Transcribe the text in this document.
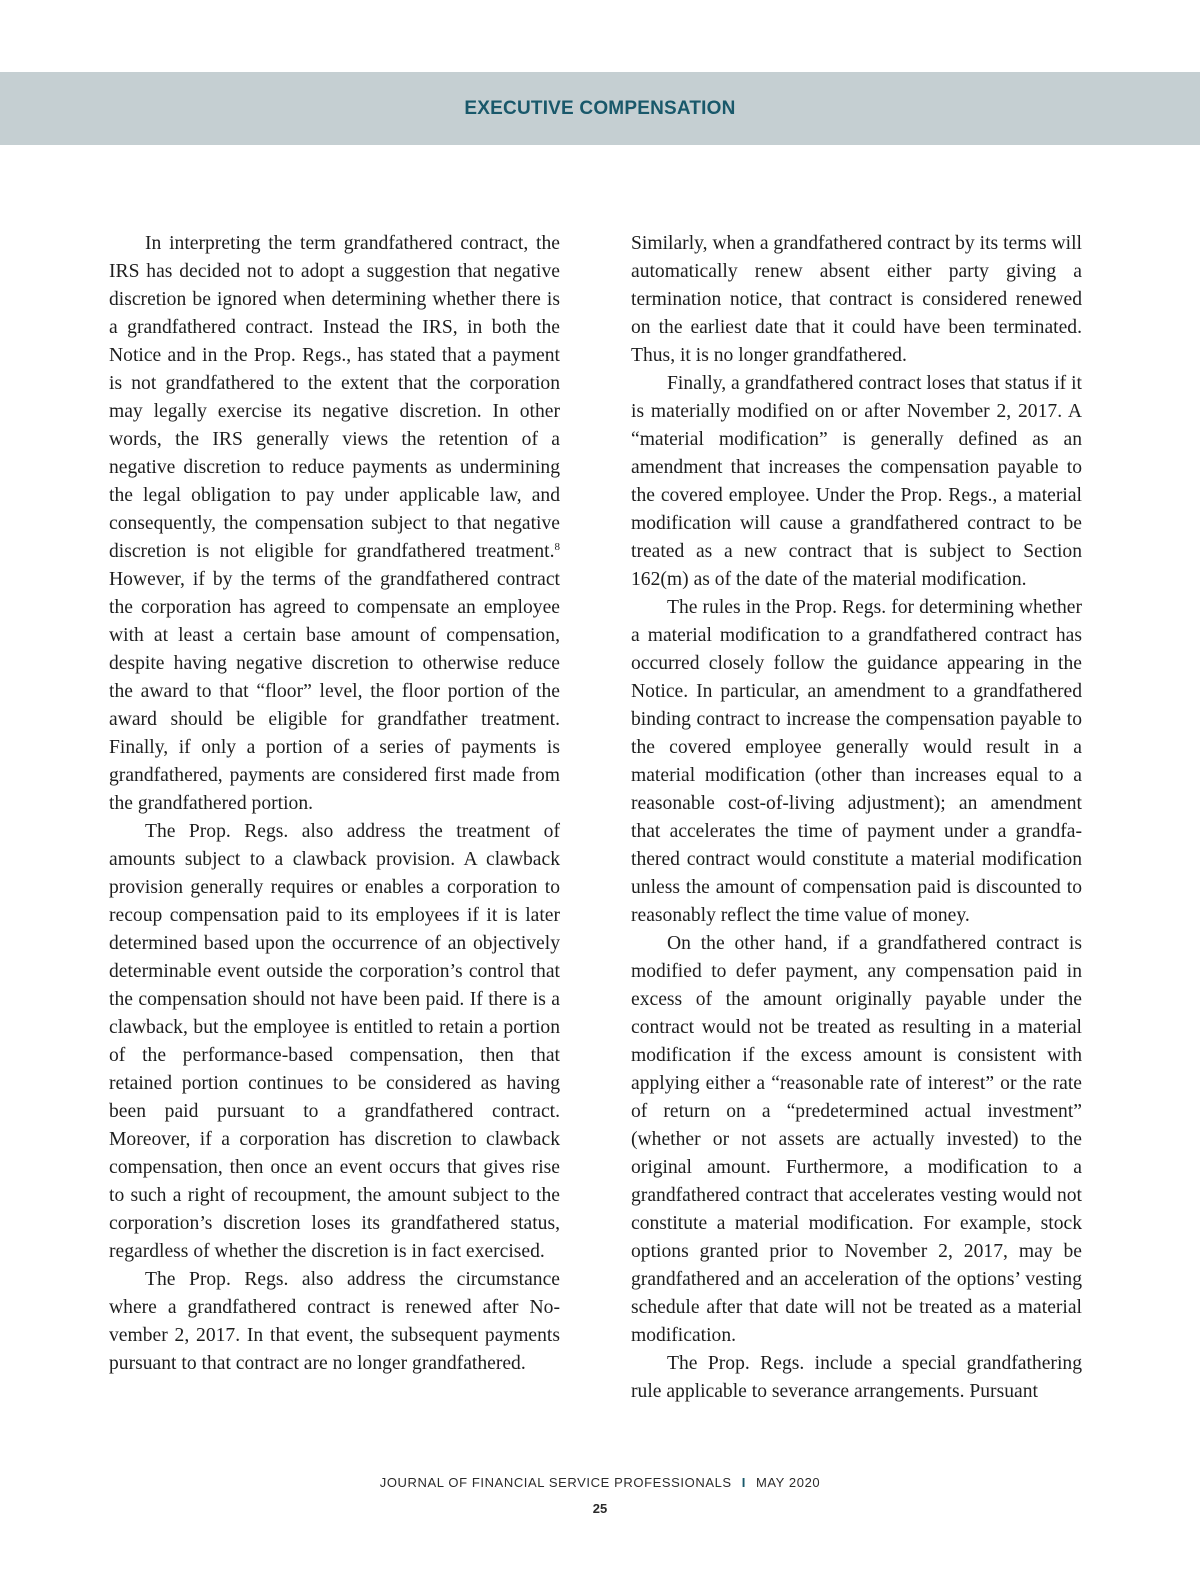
EXECUTIVE COMPENSATION

In interpreting the term grandfathered contract, the IRS has decided not to adopt a suggestion that negative discretion be ignored when determining whether there is a grandfathered contract. Instead the IRS, in both the Notice and in the Prop. Regs., has stated that a payment is not grandfathered to the extent that the corporation may legally exercise its negative discretion. In other words, the IRS generally views the retention of a negative discretion to reduce payments as undermining the legal obligation to pay under applicable law, and consequently, the compensation subject to that negative discretion is not eligible for grandfathered treatment.$^8$ However, if by the terms of the grandfathered contract the corporation has agreed to compensate an employee with at least a certain base amount of compensation, despite having negative discretion to otherwise reduce the award to that “floor” level, the floor portion of the award should be eligible for grandfather treatment. Finally, if only a portion of a series of payments is grandfathered, payments are considered first made from the grandfathered portion.

The Prop. Regs. also address the treatment of amounts subject to a clawback provision. A clawback provision generally requires or enables a corporation to recoup compensation paid to its employees if it is later determined based upon the occurrence of an objectively determinable event outside the corporation’s control that the compensation should not have been paid. If there is a clawback, but the employee is entitled to retain a portion of the performance-based compensation, then that retained portion continues to be considered as having been paid pursuant to a grandfathered contract. Moreover, if a corporation has discretion to clawback compensation, then once an event occurs that gives rise to such a right of recoupment, the amount subject to the corporation’s discretion loses its grandfathered status, regardless of whether the discretion is in fact exercised.

The Prop. Regs. also address the circumstance where a grandfathered contract is renewed after November 2, 2017. In that event, the subsequent payments pursuant to that contract are no longer grandfathered.

Similarly, when a grandfathered contract by its terms will automatically renew absent either party giving a termination notice, that contract is considered renewed on the earliest date that it could have been terminated. Thus, it is no longer grandfathered.

Finally, a grandfathered contract loses that status if it is materially modified on or after November 2, 2017. A “material modification” is generally defined as an amendment that increases the compensation payable to the covered employee. Under the Prop. Regs., a material modification will cause a grandfathered contract to be treated as a new contract that is subject to Section 162(m) as of the date of the material modification.

The rules in the Prop. Regs. for determining whether a material modification to a grandfathered contract has occurred closely follow the guidance appearing in the Notice. In particular, an amendment to a grandfathered binding contract to increase the compensation payable to the covered employee generally would result in a material modification (other than increases equal to a reasonable cost-of-living adjustment); an amendment that accelerates the time of payment under a grandfathered contract would constitute a material modification unless the amount of compensation paid is discounted to reasonably reflect the time value of money.

On the other hand, if a grandfathered contract is modified to defer payment, any compensation paid in excess of the amount originally payable under the contract would not be treated as resulting in a material modification if the excess amount is consistent with applying either a “reasonable rate of interest” or the rate of return on a “predetermined actual investment” (whether or not assets are actually invested) to the original amount. Furthermore, a modification to a grandfathered contract that accelerates vesting would not constitute a material modification. For example, stock options granted prior to November 2, 2017, may be grandfathered and an acceleration of the options’ vesting schedule after that date will not be treated as a material modification.

The Prop. Regs. include a special grandfathering rule applicable to severance arrangements. Pursuant

JOURNAL OF FINANCIAL SERVICE PROFESSIONALS I MAY 2020
25
